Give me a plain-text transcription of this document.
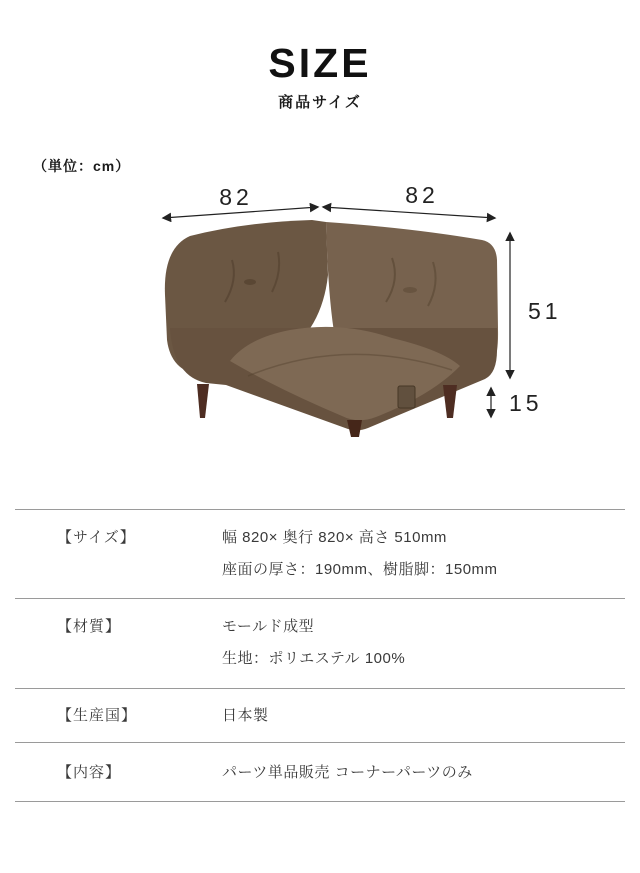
SIZE
商品サイズ
（単位：cm）
82	82
51
15
【サイズ】	幅 820× 奥行 820× 高さ 510mm
座面の厚さ：190mm、樹脂脚：150mm
【材質】	モールド成型
生地：ポリエステル 100%
【生産国】	日本製
【内容】	パーツ単品販売 コーナーパーツのみ
